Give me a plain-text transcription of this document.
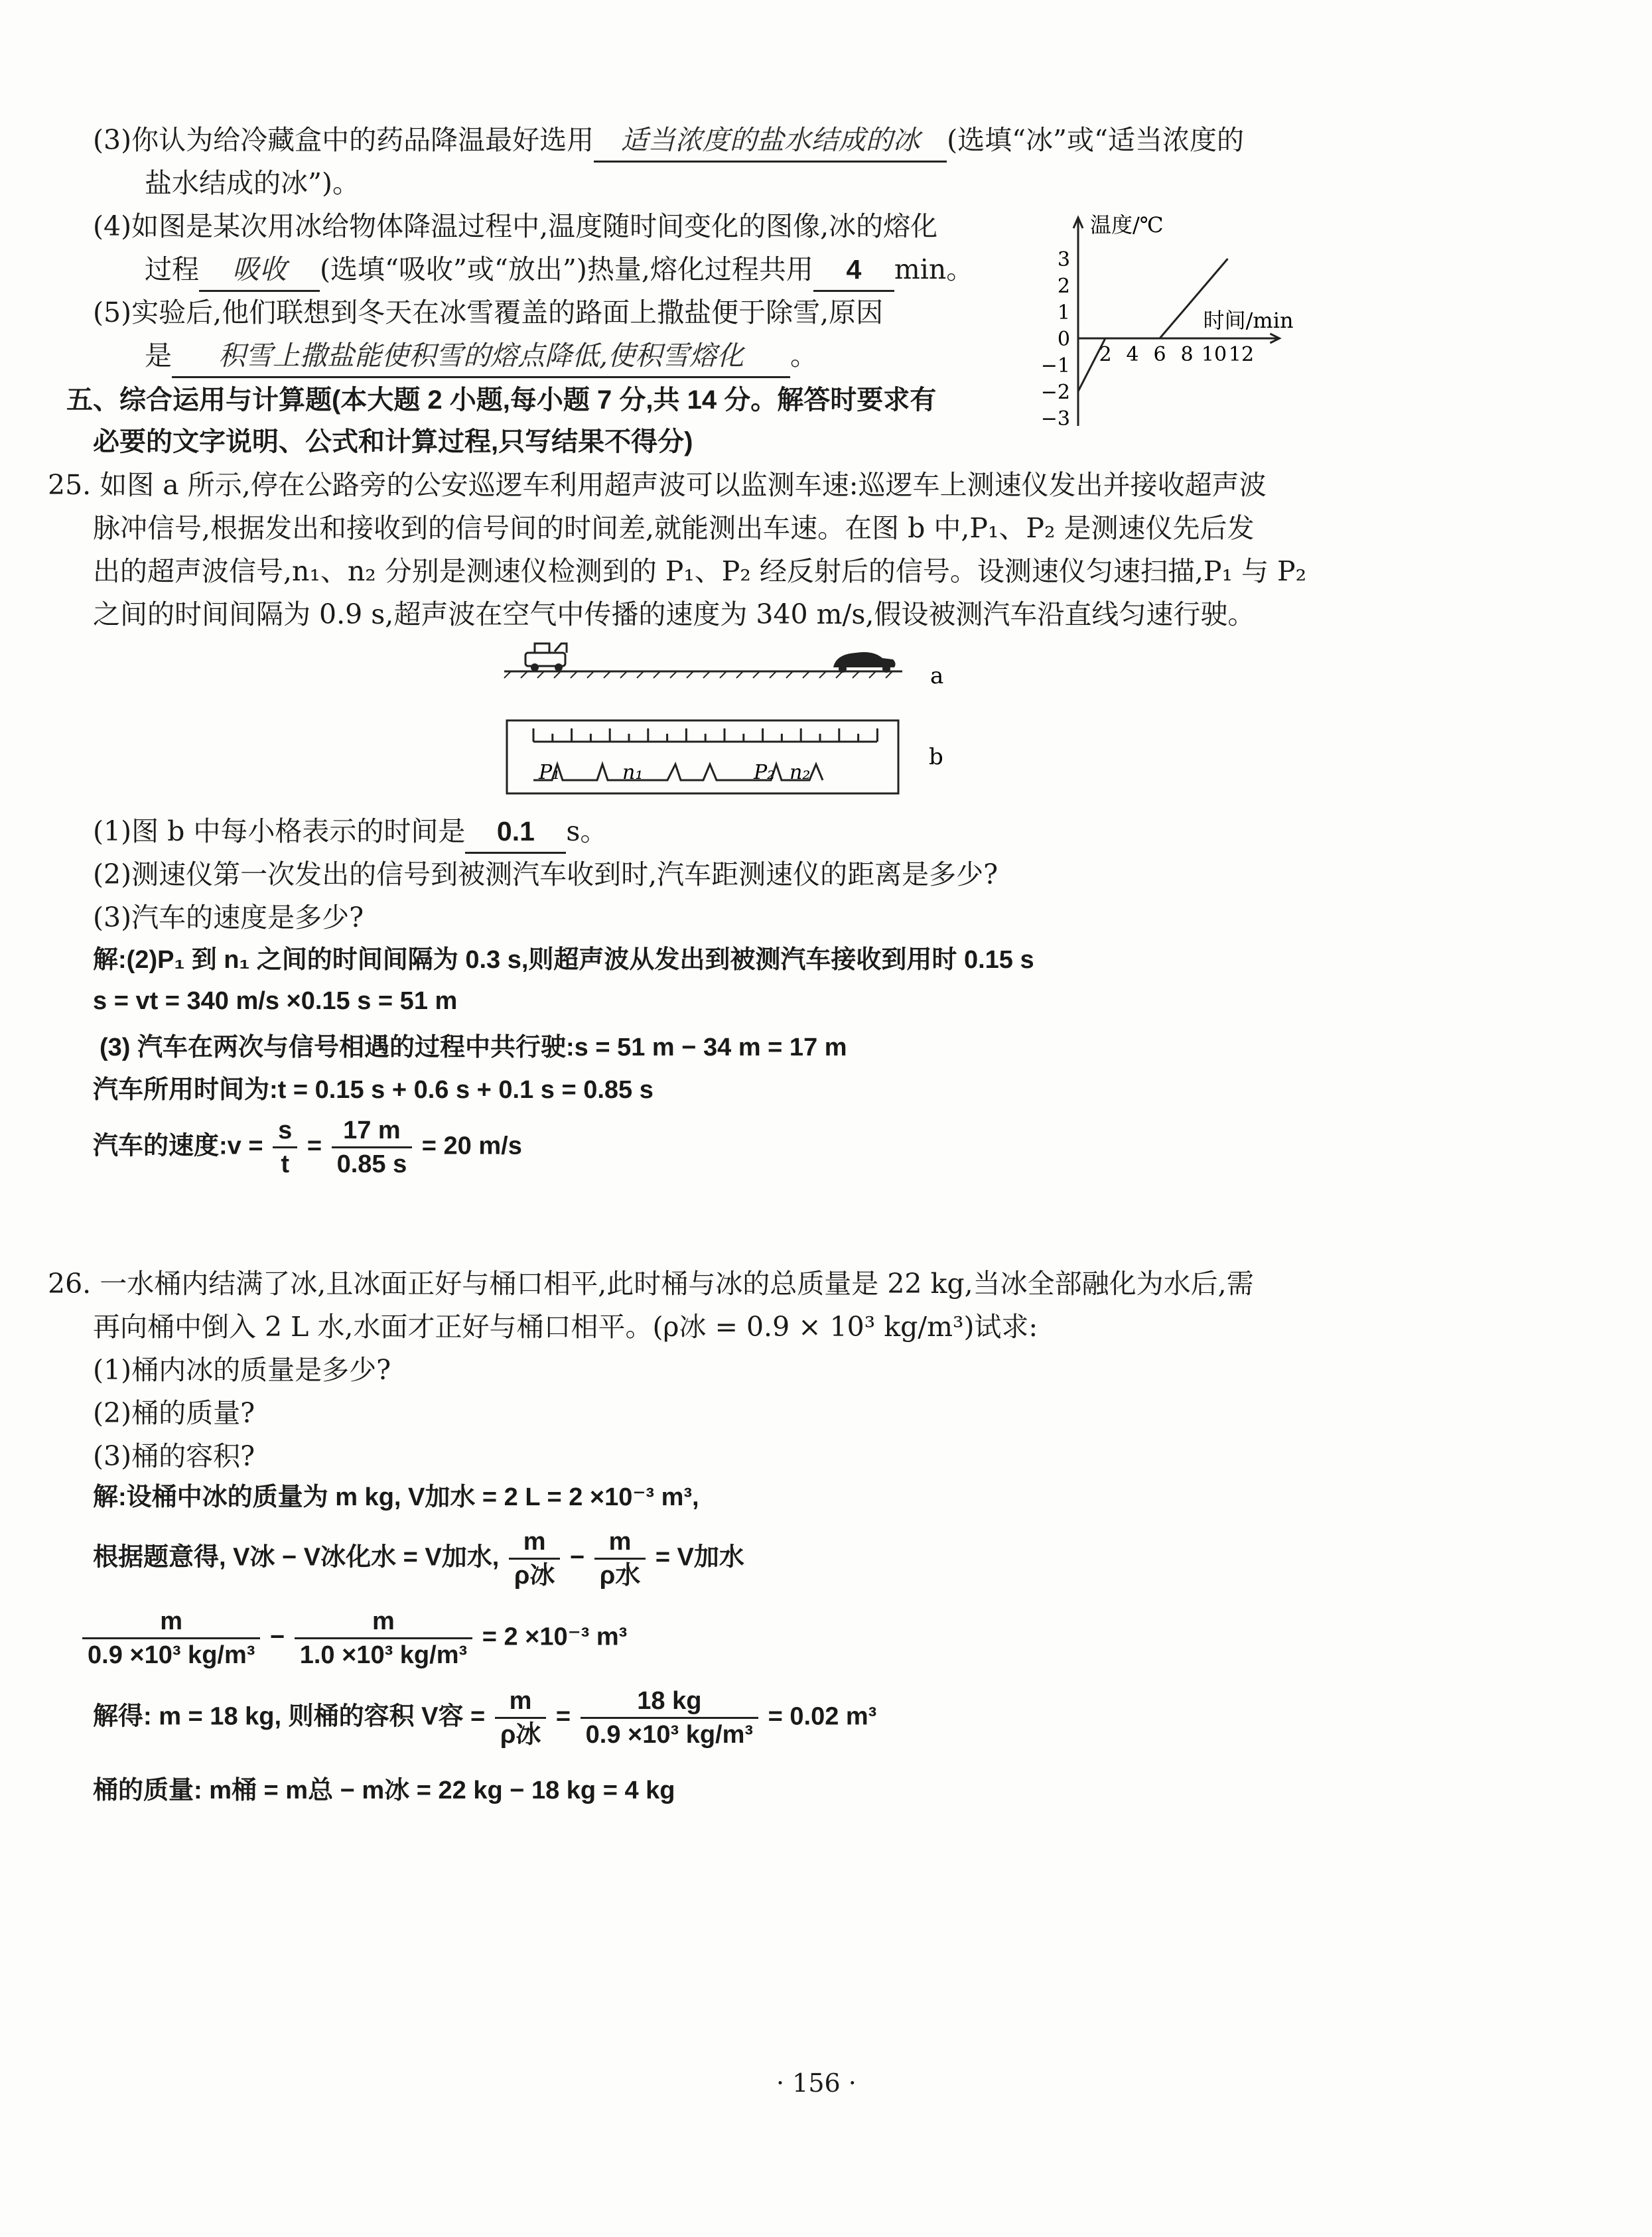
(3)你认为给冷藏盒中的药品降温最好选用 适当浓度的盐水结成的冰 (选填“冰”或“适当浓度的
盐水结成的冰”)。
(4)如图是某次用冰给物体降温过程中,温度随时间变化的图像,冰的熔化
过程 吸收 (选填“吸收”或“放出”)热量,熔化过程共用 4 min。
(5)实验后,他们联想到冬天在冰雪覆盖的路面上撒盐便于除雪,原因
是 积雪上撒盐能使积雪的熔点降低,使积雪熔化 。
温度/℃
时间/min
3
2
1
0
−1
−2
−3
2 4 6 8 10 12
五、综合运用与计算题(本大题 2 小题,每小题 7 分,共 14 分。解答时要求有
必要的文字说明、公式和计算过程,只写结果不得分)
25. 如图 a 所示,停在公路旁的公安巡逻车利用超声波可以监测车速:巡逻车上测速仪发出并接收超声波
脉冲信号,根据发出和接收到的信号间的时间差,就能测出车速。在图 b 中,P₁、P₂ 是测速仪先后发
出的超声波信号,n₁、n₂ 分别是测速仪检测到的 P₁、P₂ 经反射后的信号。设测速仪匀速扫描,P₁ 与 P₂
之间的时间间隔为 0.9 s,超声波在空气中传播的速度为 340 m/s,假设被测汽车沿直线匀速行驶。
a
P₁	n₁	P₂ n₂
b
(1)图 b 中每小格表示的时间是 0.1 s。
(2)测速仪第一次发出的信号到被测汽车收到时,汽车距测速仪的距离是多少?
(3)汽车的速度是多少?
解:(2)P₁ 到 n₁ 之间的时间间隔为 0.3 s,则超声波从发出到被测汽车接收到用时 0.15 s
s = vt = 340 m/s ×0.15 s = 51 m
(3) 汽车在两次与信号相遇的过程中共行驶:s = 51 m − 34 m = 17 m
汽车所用时间为:t = 0.15 s + 0.6 s + 0.1 s = 0.85 s
汽车的速度:v = $\frac{s}{t} = \frac{17 m}{0.85 s} = 20$ m/s
26. 一水桶内结满了冰,且冰面正好与桶口相平,此时桶与冰的总质量是 22 kg,当冰全部融化为水后,需
再向桶中倒入 2 L 水,水面才正好与桶口相平。(ρ冰 = 0.9 × 10³ kg/m³)试求:
(1)桶内冰的质量是多少?
(2)桶的质量?
(3)桶的容积?
解:设桶中冰的质量为 m kg, V加水 = 2 L = 2 ×10⁻³ m³,
根据题意得, V冰 − V冰化水 = V加水, $\frac{m}{\text{ρ冰}} - \frac{m}{\text{ρ水}} = V$加水
$\frac{m}{\text{0.9 ×10³ kg/m³}} - \frac{m}{\text{1.0 ×10³ kg/m³}} = 2 \times 10^{-3}$ m³
解得: m = 18 kg, 则桶的容积 V容 = $\frac{m}{\text{ρ冰}} = \frac{18 kg}{\text{0.9 ×10³ kg/m³}} = 0.02$ m³
桶的质量: m桶 = m总 − m冰 = 22 kg − 18 kg = 4 kg
· 156 ·
